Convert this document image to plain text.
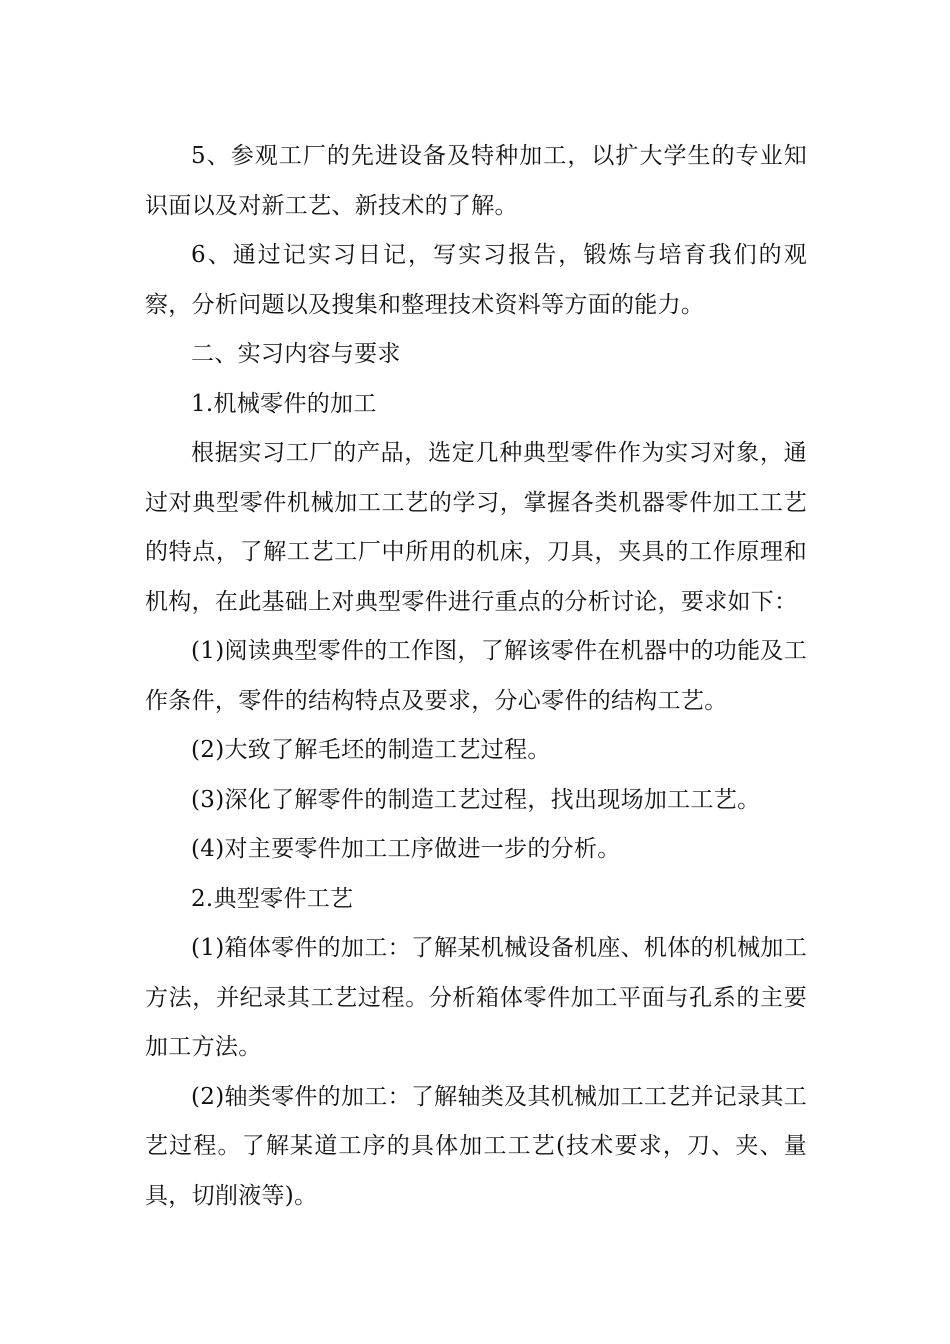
5、参观工厂的先进设备及特种加工，以扩大学生的专业知识面以及对新工艺、新技术的了解。

6、通过记实习日记，写实习报告，锻炼与培育我们的观察，分析问题以及搜集和整理技术资料等方面的能力。

二、实习内容与要求

1.机械零件的加工

根据实习工厂的产品，选定几种典型零件作为实习对象，通过对典型零件机械加工工艺的学习，掌握各类机器零件加工工艺的特点，了解工艺工厂中所用的机床，刀具，夹具的工作原理和机构，在此基础上对典型零件进行重点的分析讨论，要求如下：

(1)阅读典型零件的工作图，了解该零件在机器中的功能及工作条件，零件的结构特点及要求，分心零件的结构工艺。

(2)大致了解毛坯的制造工艺过程。

(3)深化了解零件的制造工艺过程，找出现场加工工艺。

(4)对主要零件加工工序做进一步的分析。

2.典型零件工艺

(1)箱体零件的加工：了解某机械设备机座、机体的机械加工方法，并纪录其工艺过程。分析箱体零件加工平面与孔系的主要加工方法。

(2)轴类零件的加工：了解轴类及其机械加工工艺并记录其工艺过程。了解某道工序的具体加工工艺(技术要求，刀、夹、量具，切削液等)。
